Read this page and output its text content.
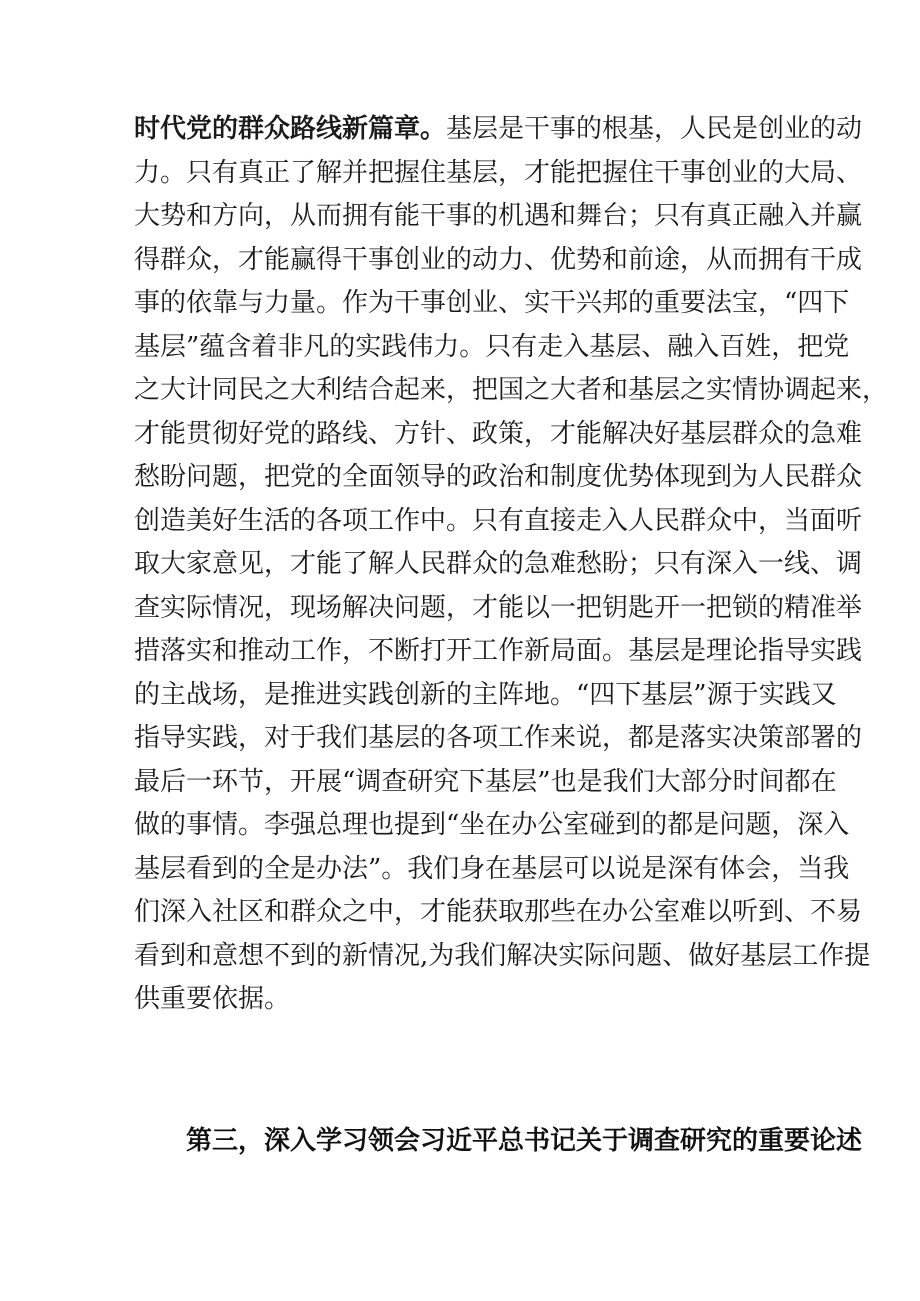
时代党的群众路线新篇章。基层是干事的根基，人民是创业的动
力。只有真正了解并把握住基层，才能把握住干事创业的大局、
大势和方向，从而拥有能干事的机遇和舞台；只有真正融入并赢
得群众，才能赢得干事创业的动力、优势和前途，从而拥有干成
事的依靠与力量。作为干事创业、实干兴邦的重要法宝，“四下
基层”蕴含着非凡的实践伟力。只有走入基层、融入百姓，把党
之大计同民之大利结合起来，把国之大者和基层之实情协调起来，
才能贯彻好党的路线、方针、政策，才能解决好基层群众的急难
愁盼问题，把党的全面领导的政治和制度优势体现到为人民群众
创造美好生活的各项工作中。只有直接走入人民群众中，当面听
取大家意见，才能了解人民群众的急难愁盼；只有深入一线、调
查实际情况，现场解决问题，才能以一把钥匙开一把锁的精准举
措落实和推动工作，不断打开工作新局面。基层是理论指导实践
的主战场，是推进实践创新的主阵地。“四下基层”源于实践又
指导实践，对于我们基层的各项工作来说，都是落实决策部署的
最后一环节，开展“调查研究下基层”也是我们大部分时间都在
做的事情。李强总理也提到“坐在办公室碰到的都是问题，深入
基层看到的全是办法”。我们身在基层可以说是深有体会，当我
们深入社区和群众之中，才能获取那些在办公室难以听到、不易
看到和意想不到的新情况,为我们解决实际问题、做好基层工作提
供重要依据。
第三，深入学习领会习近平总书记关于调查研究的重要论述
